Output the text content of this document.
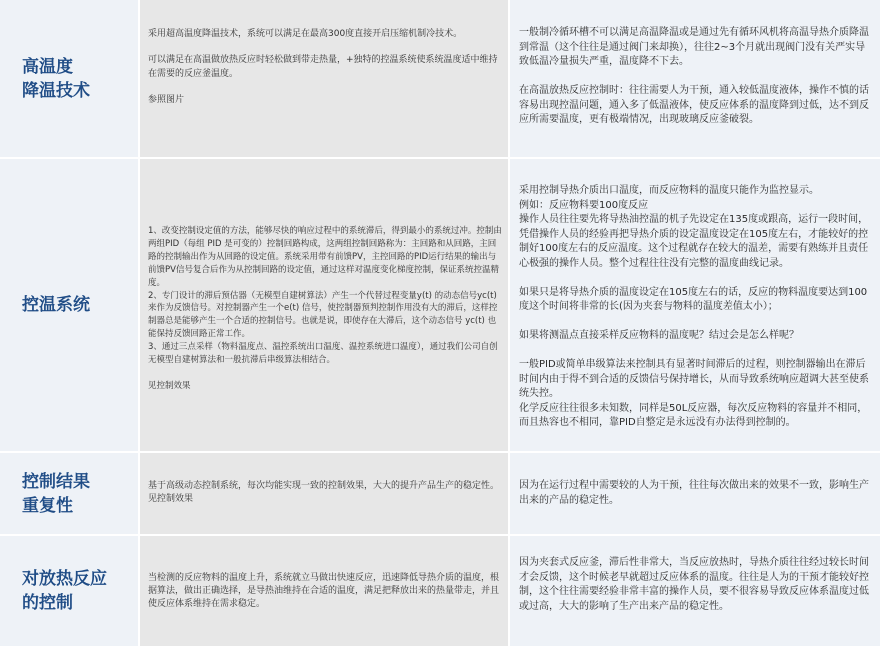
高温度
降温技术
采用超高温度降温技术，系统可以满足在最高300度直接开启压缩机制冷技术。

可以满足在高温做放热反应时轻松做到带走热量，+独特的控温系统使系统温度适中维持在需要的反应釜温度。

参照图片
一般制冷循环槽不可以满足高温降温或是通过先有循环风机将高温导热介质降温到常温（这个往往是通过阀门来却换），往往2~3个月就出现阀门没有关严实导致低温冷量损失严重，温度降不下去。

在高温放热反应控制时：往往需要人为干预，通入较低温度液体，操作不慎的话容易出现控温问题，通入多了低温液体，使反应体系的温度降到过低，达不到反应所需要温度，更有极端情况，出现玻璃反应釜破裂。
控温系统
1、改变控制设定值的方法，能够尽快的响应过程中的系统滞后，得到最小的系统过冲。控制由两组PID（每组 PID 是可变的）控制回路构成，这两组控制回路称为：主回路和从回路，主回路的控制输出作为从回路的设定值。系统采用带有前馈PV，主控回路的PID运行结果的输出与前馈PV信号复合后作为从控制回路的设定值，通过这样对温度变化梯度控制，保证系统控温精度。
2、专门设计的滞后预估器（无模型自建树算法）产生一个代替过程变量y(t) 的动态信号yc(t)来作为反馈信号。对控制器产生一个e(t) 信号，使控制器预判控制作用没有大的滞后，这样控制器总是能够产生一个合适的控制信号。也就是说，即使存在大滞后，这个动态信号 yc(t) 也能保持反馈回路正常工作。
3、通过三点采样（物料温度点、温控系统出口温度、温控系统进口温度），通过我们公司自创无模型自建树算法和一般抗滞后串级算法相结合。

见控制效果
采用控制导热介质出口温度，而反应物料的温度只能作为监控显示。
例如：反应物料要100度反应
操作人员往往要先将导热油控温的机子先设定在135度或跟高，运行一段时间，凭借操作人员的经验再把导热介质的设定温度设定在105度左右，才能较好的控制好100度左右的反应温度。这个过程就存在较大的温差，需要有熟练并且责任心极强的操作人员。整个过程往往没有完整的温度曲线记录。

如果只是将导热介质的温度设定在105度左右的话，反应的物料温度要达到100度这个时间将非常的长(因为夹套与物料的温度差值太小）；

如果将测温点直接采样反应物料的温度呢？结过会是怎么样呢？

一般PID或简单串级算法来控制具有显著时间滞后的过程，则控制器输出在滞后时间内由于得不到合适的反馈信号保持增长，从而导致系统响应超调大甚至使系统失控。
化学反应往往很多未知数，同样是50L反应器，每次反应物料的容量并不相同，而且热容也不相同，靠PID自整定是永远没有办法得到控制的。
控制结果
重复性
基于高级动态控制系统，每次均能实现一致的控制效果，大大的提升产品生产的稳定性。
见控制效果
因为在运行过程中需要较的人为干预，往往每次做出来的效果不一致，影响生产出来的产品的稳定性。
对放热反应
的控制
当检测的反应物料的温度上升，系统就立马做出快速反应，迅速降低导热介质的温度，根据算法，做出正确选择，是导热油维持在合适的温度，满足把释放出来的热量带走，并且使反应体系维持在需求稳定。
因为夹套式反应釜，滞后性非常大，当反应放热时，导热介质往往经过较长时间才会反馈，这个时候老早就超过反应体系的温度。往往是人为的干预才能较好控制，这个往往需要经验非常丰富的操作人员，要不很容易导致反应体系温度过低或过高，大大的影响了生产出来产品的稳定性。
